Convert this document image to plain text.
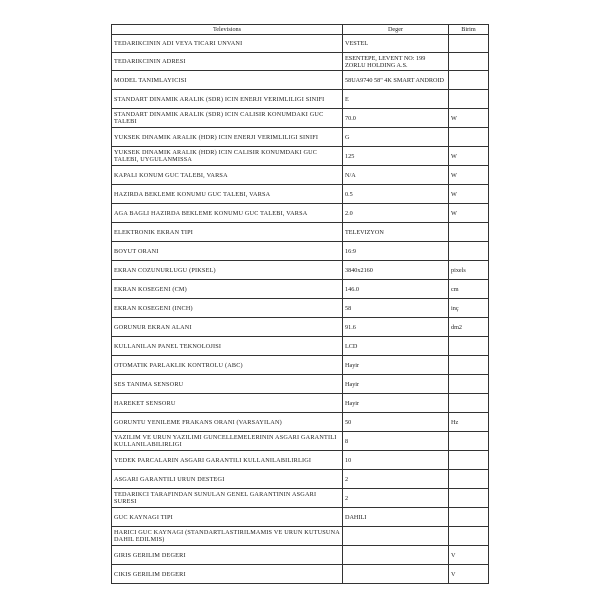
Televisions	Deger	Birim
TEDARIKCININ ADI VEYA TICARI UNVANI	VESTEL	
TEDARIKCININ ADRESI	ESENTEPE, LEVENT NO: 199 ZORLU HOLDING A.S.	
MODEL TANIMLAYICISI	58UA9740 58" 4K SMART ANDROID	
STANDART DINAMIK ARALIK (SDR) ICIN ENERJI VERIMLILIGI SINIFI	E	
STANDART DINAMIK ARALIK (SDR) ICIN CALISIR KONUMDAKI GUC TALEBI	70.0	W
YUKSEK DINAMIK ARALIK (HDR) ICIN ENERJI VERIMLILIGI SINIFI	G	
YUKSEK DINAMIK ARALIK (HDR) ICIN CALISIR KONUMDAKI GUC TALEBI, UYGULANMISSA	125	W
KAPALI KONUM GUC TALEBI, VARSA	N/A	W
HAZIRDA BEKLEME KONUMU GUC TALEBI, VARSA	0.5	W
AGA BAGLI HAZIRDA BEKLEME KONUMU GUC TALEBI, VARSA	2.0	W
ELEKTRONIK EKRAN TIPI	TELEVIZYON	
BOYUT ORANI	16:9	
EKRAN COZUNURLUGU (PIKSEL)	3840x2160	pixels
EKRAN KOSEGENI (CM)	146.0	cm
EKRAN KOSEGENI (INCH)	58	inç
GORUNUR EKRAN ALANI	91.6	dm2
KULLANILAN PANEL TEKNOLOJISI	LCD	
OTOMATIK PARLAKLIK KONTROLU (ABC)	Hayir	
SES TANIMA SENSORU	Hayir	
HAREKET SENSORU	Hayir	
GORUNTU YENILEME FRAKANS ORANI (VARSAYILAN)	50	Hz
YAZILIM VE URUN YAZILIMI GUNCELLEMELERININ ASGARI GARANTILI KULLANILABILIRLIGI	8	
YEDEK PARCALARIN ASGARI GARANTILI KULLANILABILIRLIGI	10	
ASGARI GARANTILI URUN DESTEGI	2	
TEDARIKCI TARAFINDAN SUNULAN GENEL GARANTININ ASGARI SURESI	2	
GUC KAYNAGI TIPI	DAHILI	
HARICI GUC KAYNAGI (STANDARTLASTIRILMAMIS VE URUN KUTUSUNA DAHIL EDILMIS)		
GIRIS GERILIM DEGERI		V
CIKIS GERILIM DEGERI		V
